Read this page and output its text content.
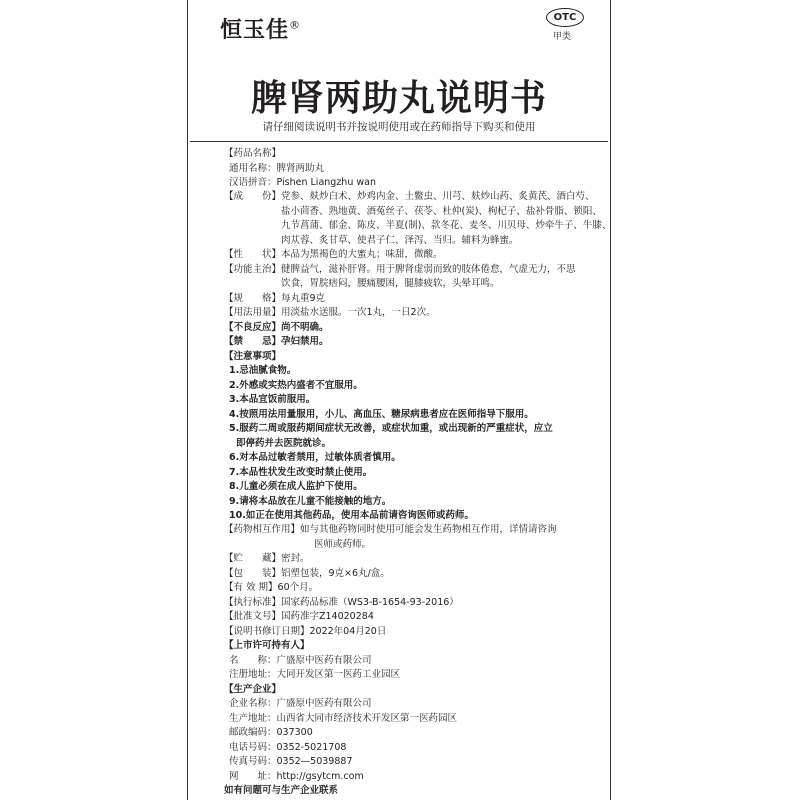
恒玉佳®
OTC
甲类
脾肾两助丸说明书
请仔细阅读说明书并按说明使用或在药师指导下购买和使用
【药品名称】
通用名称：脾肾两助丸
汉语拼音：Pishen Liangzhu wan
【成　　份】党参、麸炒白术、炒鸡内金、土鳖虫、川芎、麸炒山药、炙黄芪、酒白芍、
盐小茴香、熟地黄、酒菟丝子、茯苓、杜仲(炭)、枸杞子、盐补骨脂、锁阳、
九节菖蒲、郁金、陈皮、半夏(制)、款冬花、麦冬、川贝母、炒牵牛子、牛膝、
肉苁蓉、炙甘草、使君子仁、泽泻、当归。辅料为蜂蜜。
【性　　状】本品为黑褐色的大蜜丸；味甜，微酸。
【功能主治】健脾益气，滋补肝肾。用于脾肾虚弱而致的肢体倦怠，气虚无力，不思
饮食，胃脘痞闷，腰痛腰困，腿膝疲软，头晕耳鸣。
【规　　格】每丸重9克
【用法用量】用淡盐水送服。一次1丸，一日2次。
【不良反应】尚不明确。
【禁　　忌】孕妇禁用。
【注意事项】
1.忌油腻食物。
2.外感或实热内盛者不宜服用。
3.本品宜饭前服用。
4.按照用法用量服用，小儿、高血压、糖尿病患者应在医师指导下服用。
5.服药二周或服药期间症状无改善，或症状加重，或出现新的严重症状，应立
即停药并去医院就诊。
6.对本品过敏者禁用，过敏体质者慎用。
7.本品性状发生改变时禁止使用。
8.儿童必须在成人监护下使用。
9.请将本品放在儿童不能接触的地方。
10.如正在使用其他药品，使用本品前请咨询医师或药师。
【药物相互作用】如与其他药物同时使用可能会发生药物相互作用，详情请咨询
医师或药师。
【贮　　藏】密封。
【包　　装】铝塑包装，9克×6丸/盒。
【有 效 期】60个月。
【执行标准】国家药品标准（WS3-B-1654-93-2016）
【批准文号】国药准字Z14020284
【说明书修订日期】2022年04月20日
【上市许可持有人】
名　　称：广盛原中医药有限公司
注册地址：大同开发区第一医药工业园区
【生产企业】
企业名称：广盛原中医药有限公司
生产地址：山西省大同市经济技术开发区第一医药园区
邮政编码：037300
电话号码：0352-5021708
传真号码：0352—5039887
网　　址：http://gsytcm.com
如有问题可与生产企业联系
